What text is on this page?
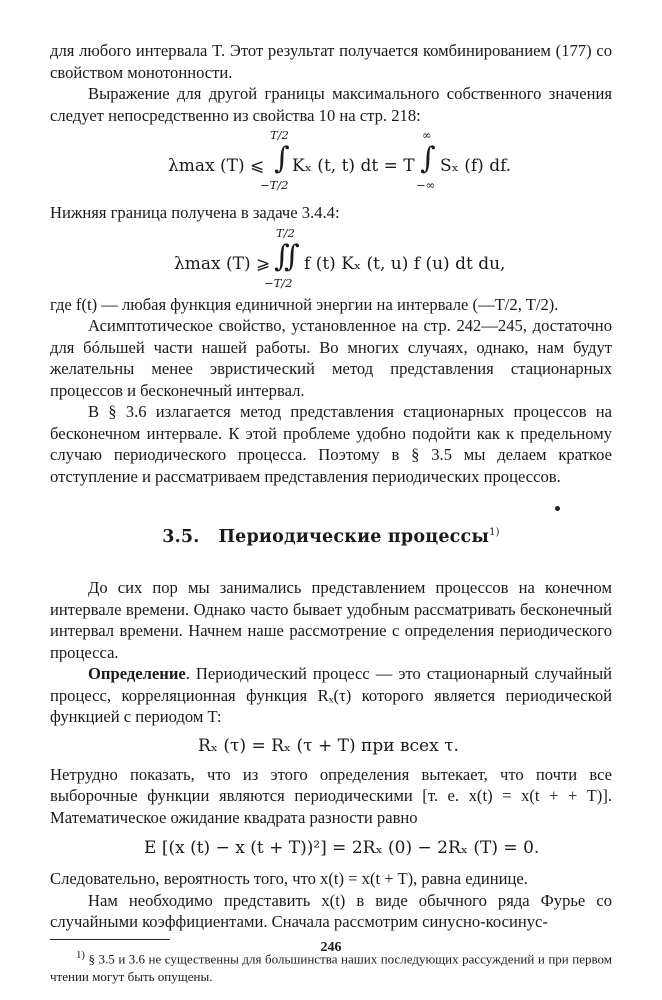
для любого интервала T. Этот результат получается комбинированием (177) со свойством монотонности.

Выражение для другой границы максимального собственного значения следует непосредственно из свойства 10 на стр. 218:

λmax (T) ⩽
T/2
∫
−T/2
Kₓ (t, t) dt = T
∞
∫
−∞
Sₓ (f) df.

Нижняя граница получена в задаче 3.4.4:

λmax (T) ⩾
T/2
∬
−T/2
f (t) Kₓ (t, u) f (u) dt du,

где f(t) — любая функция единичной энергии на интервале (—T/2, T/2).

Асимптотическое свойство, установленное на стр. 242—245, достаточно для бóльшей части нашей работы. Во многих случаях, однако, нам будут желательны менее эвристический метод представления стационарных процессов и бесконечный интервал.

В § 3.6 излагается метод представления стационарных процессов на бесконечном интервале. К этой проблеме удобно подойти как к предельному случаю периодического процесса. Поэтому в § 3.5 мы делаем краткое отступление и рассматриваем представления периодических процессов.

3.5. Периодические процессы$^{1)}$

До сих пор мы занимались представлением процессов на конечном интервале времени. Однако часто бывает удобным рассматривать бесконечный интервал времени. Начнем наше рассмотрение с определения периодического процесса.

Определение. Периодический процесс — это стационарный случайный процесс, корреляционная функция Rₓ(τ) которого является периодической функцией с периодом T:

Rₓ (τ) = Rₓ (τ + T) при всех τ.

Нетрудно показать, что из этого определения вытекает, что почти все выборочные функции являются периодическими [т. е. x(t) = x(t + + T)]. Математическое ожидание квадрата разности равно

E [(x (t) − x (t + T))²] = 2Rₓ (0) − 2Rₓ (T) = 0.

Следовательно, вероятность того, что x(t) = x(t + T), равна единице.

Нам необходимо представить x(t) в виде обычного ряда Фурье со случайными коэффициентами. Сначала рассмотрим синусно-косинус-

$^{1)}$ § 3.5 и 3.6 не существенны для большинства наших последующих рассуждений и при первом чтении могут быть опущены.

246
